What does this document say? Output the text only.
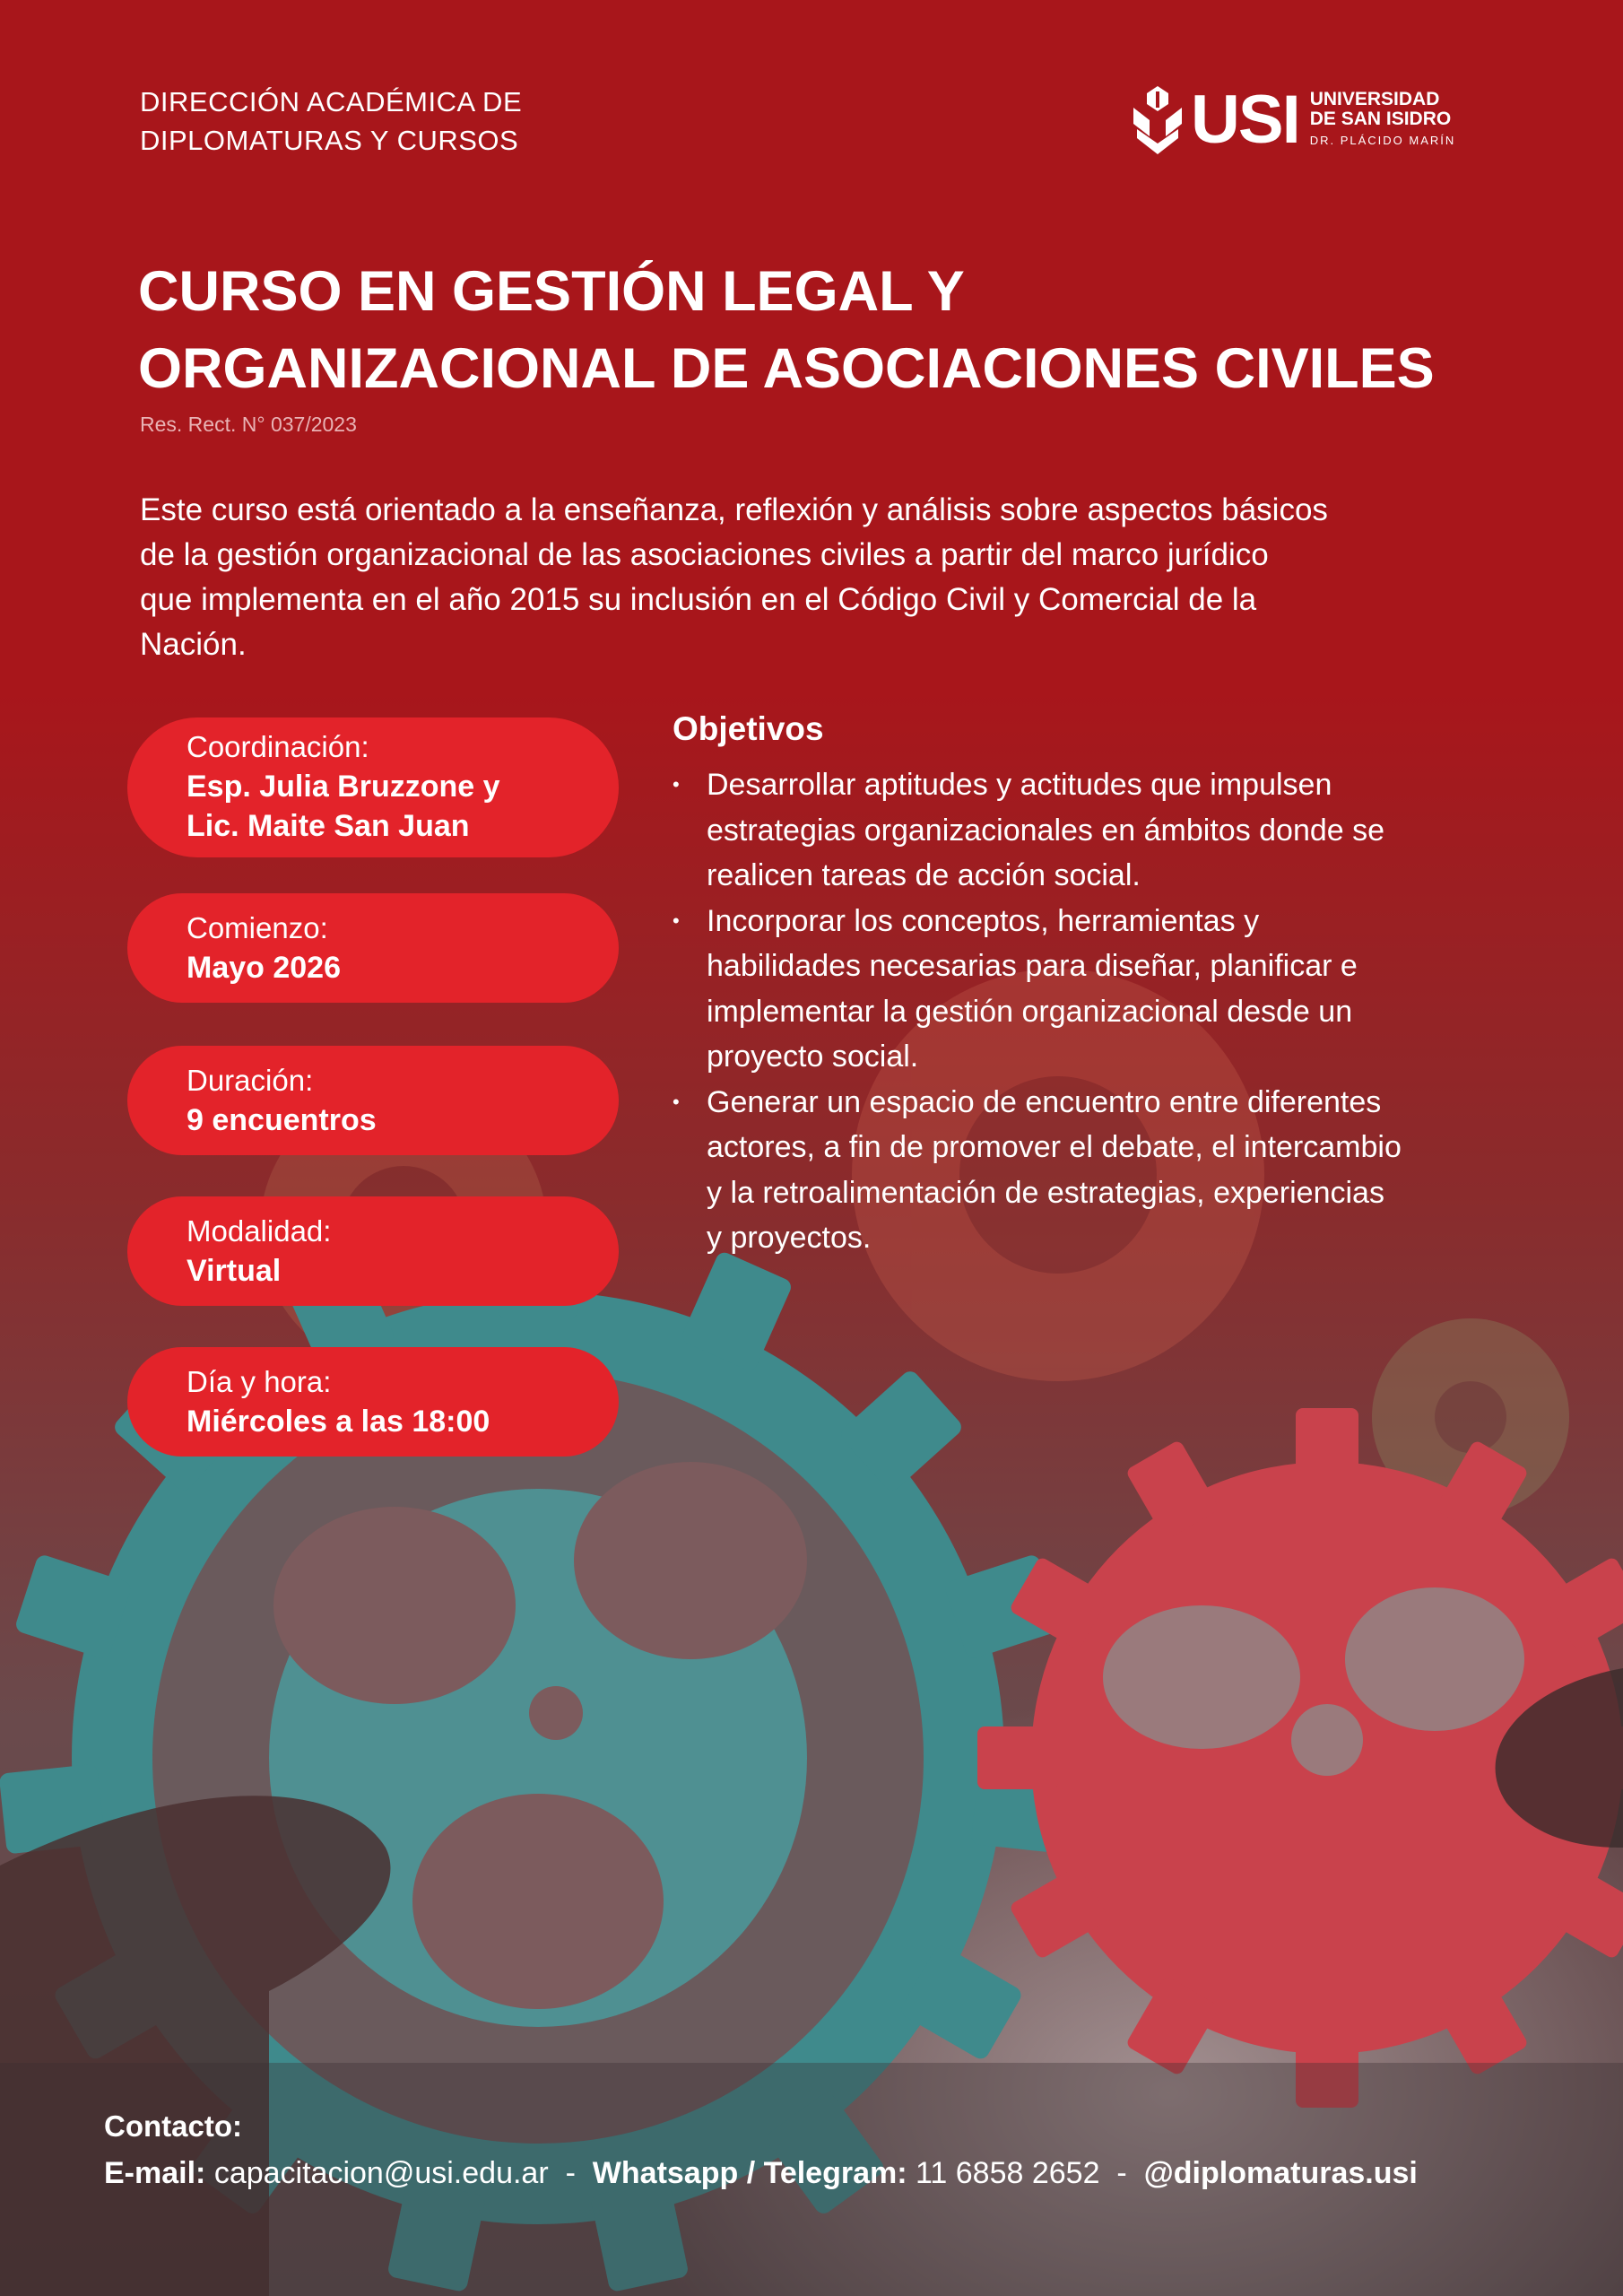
DIRECCIÓN ACADÉMICA DE
DIPLOMATURAS Y CURSOS	USI UNIVERSIDAD
DE SAN ISIDRO
DR. PLÁCIDO MARÍN
CURSO EN GESTIÓN LEGAL Y
ORGANIZACIONAL DE ASOCIACIONES CIVILES
Res. Rect. N° 037/2023
Este curso está orientado a la enseñanza, reflexión y análisis sobre aspectos básicos
de la gestión organizacional de las asociaciones civiles a partir del marco jurídico
que implementa en el año 2015 su inclusión en el Código Civil y Comercial de la
Nación.
Coordinación:
Esp. Julia Bruzzone y
Lic. Maite San Juan
Comienzo:
Mayo 2026
Duración:
9 encuentros
Modalidad:
Virtual
Día y hora:
Miércoles a las 18:00
Objetivos
• Desarrollar aptitudes y actitudes que impulsen
estrategias organizacionales en ámbitos donde se
realicen tareas de acción social.
• Incorporar los conceptos, herramientas y
habilidades necesarias para diseñar, planificar e
implementar la gestión organizacional desde un
proyecto social.
• Generar un espacio de encuentro entre diferentes
actores, a fin de promover el debate, el intercambio
y la retroalimentación de estrategias, experiencias
y proyectos.
Contacto:
E-mail: capacitacion@usi.edu.ar - Whatsapp / Telegram: 11 6858 2652 - @diplomaturas.usi
